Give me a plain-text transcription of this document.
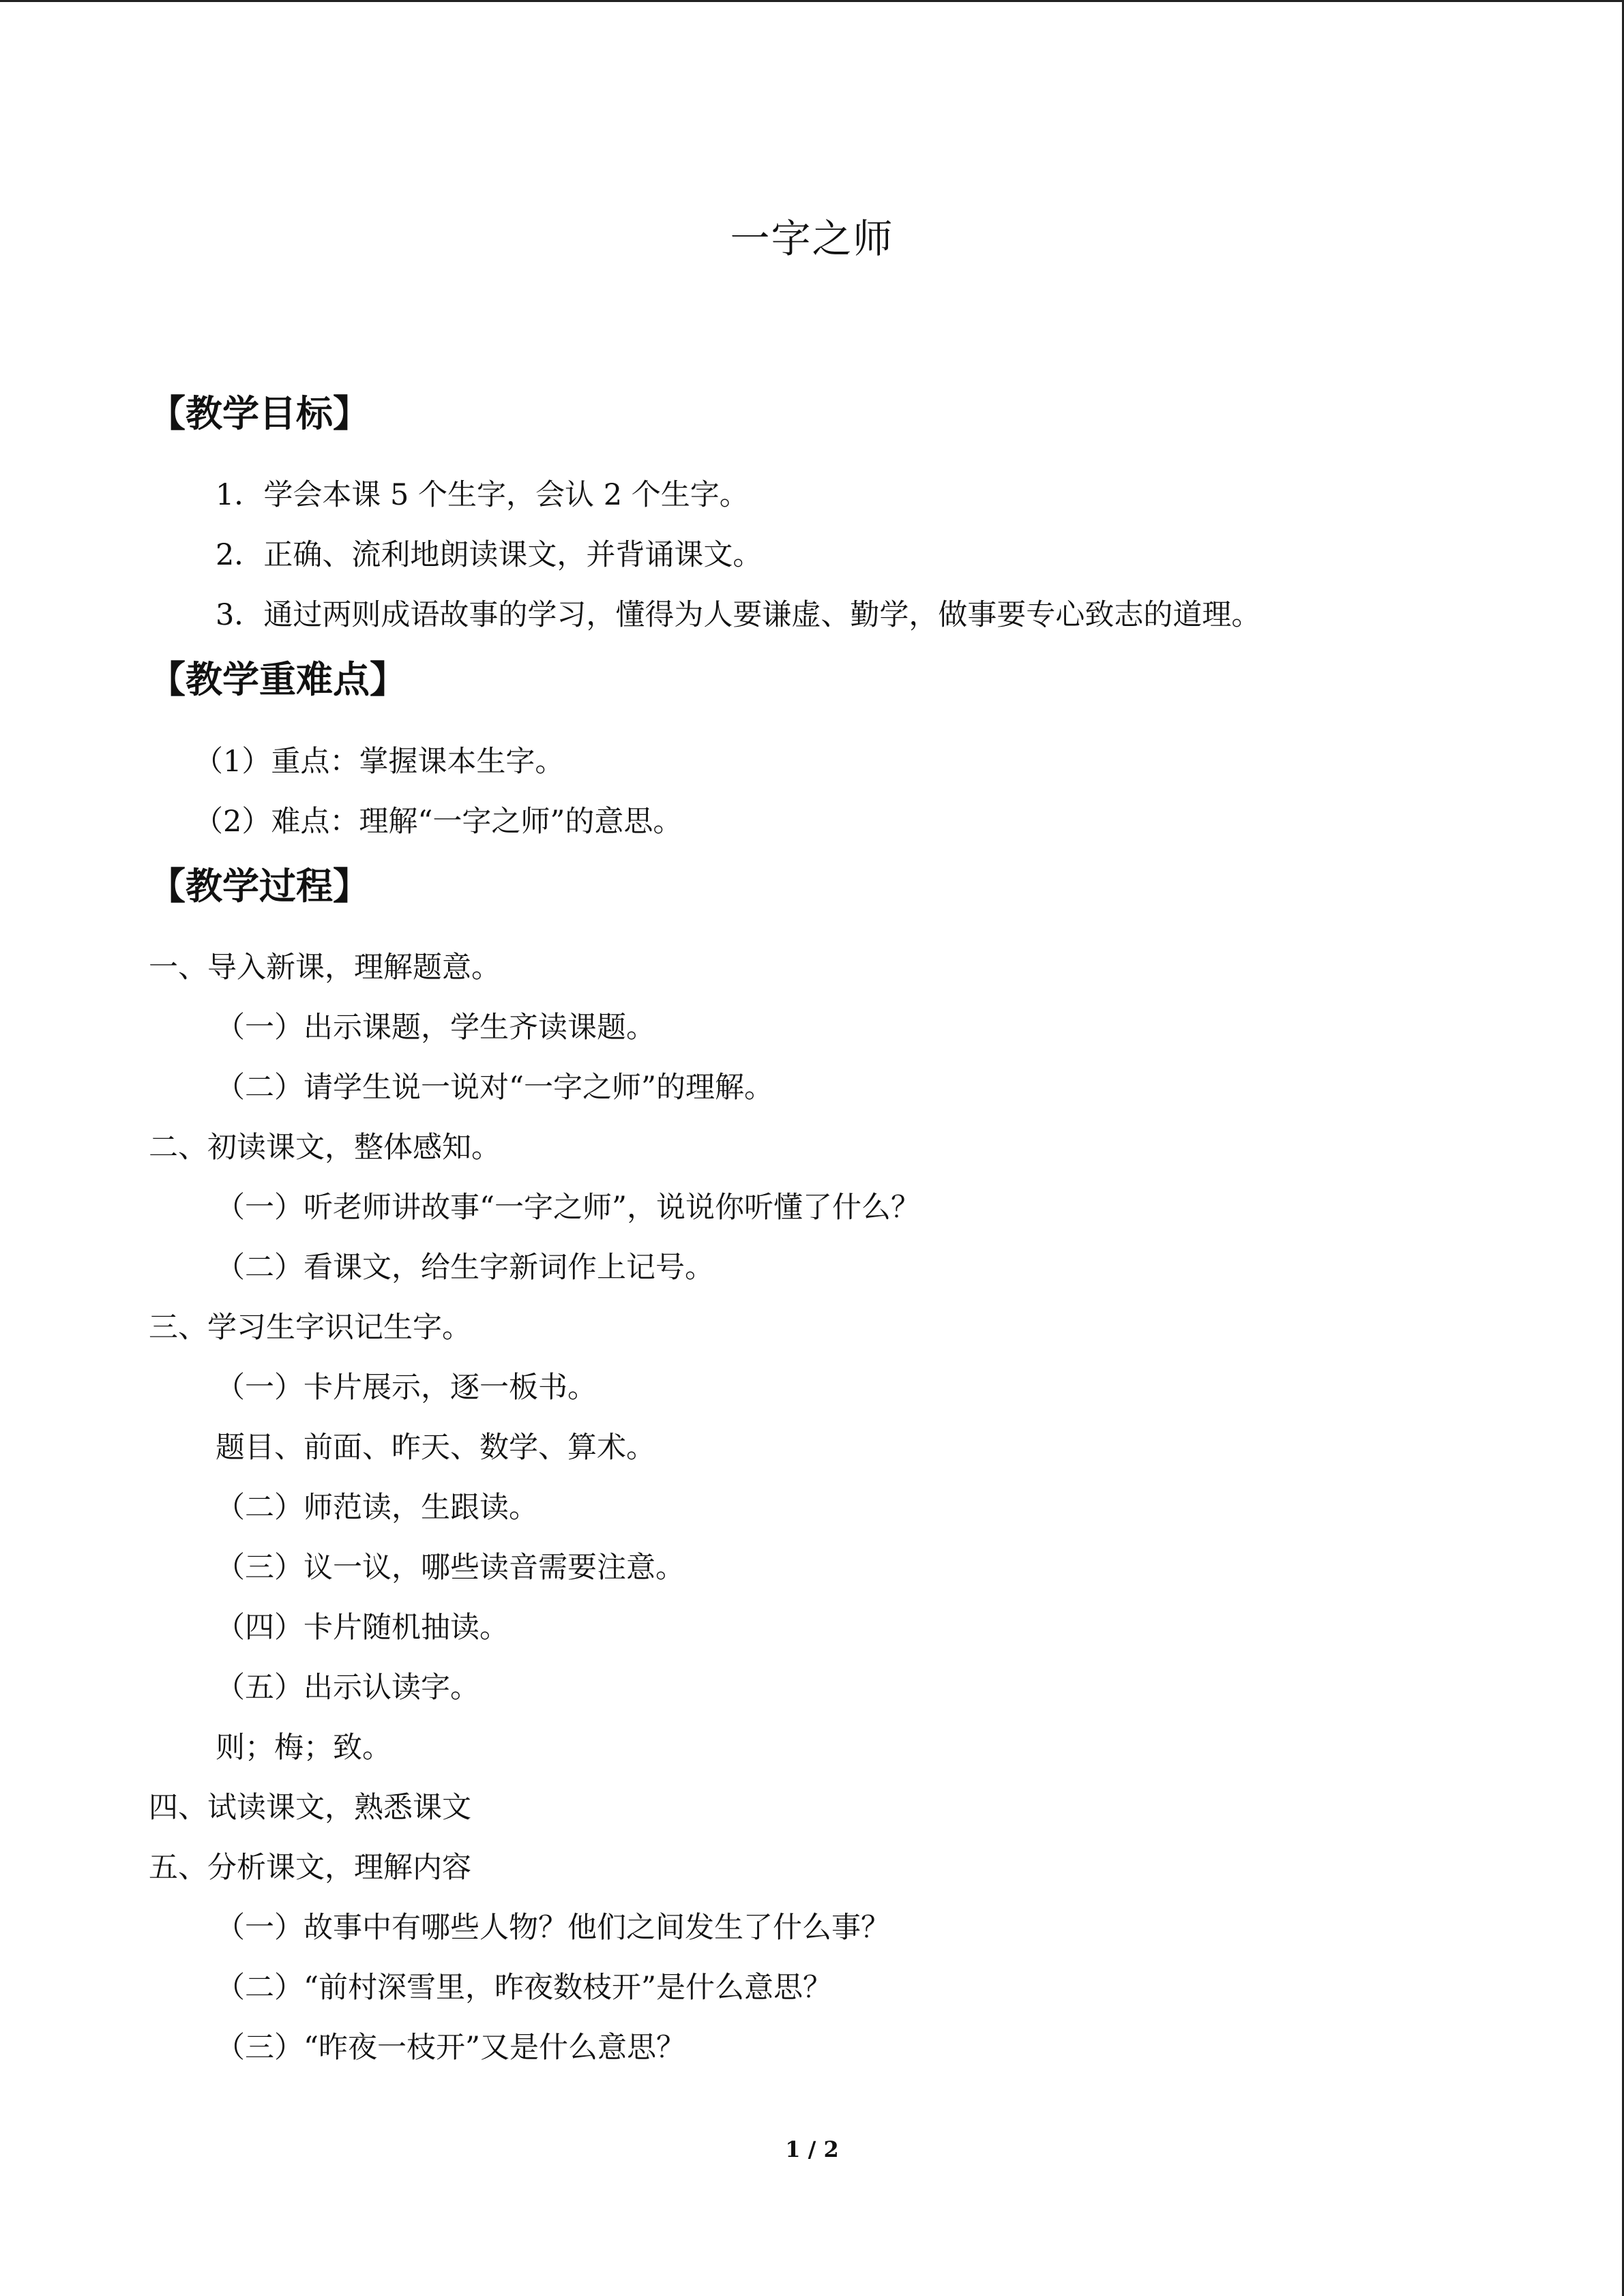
一字之师
【教学目标】
1．学会本课 5 个生字，会认 2 个生字。
2．正确、流利地朗读课文，并背诵课文。
3．通过两则成语故事的学习，懂得为人要谦虚、勤学，做事要专心致志的道理。
【教学重难点】
（1）重点：掌握课本生字。
（2）难点：理解“一字之师”的意思。
【教学过程】
一、导入新课，理解题意。
（一）出示课题，学生齐读课题。
（二）请学生说一说对“一字之师”的理解。
二、初读课文，整体感知。
（一）听老师讲故事“一字之师”，说说你听懂了什么？
（二）看课文，给生字新词作上记号。
三、学习生字识记生字。
（一）卡片展示，逐一板书。
题目、前面、昨天、数学、算术。
（二）师范读，生跟读。
（三）议一议，哪些读音需要注意。
（四）卡片随机抽读。
（五）出示认读字。
则；梅；致。
四、试读课文，熟悉课文
五、分析课文，理解内容
（一）故事中有哪些人物？他们之间发生了什么事？
（二）“前村深雪里，昨夜数枝开”是什么意思？
（三）“昨夜一枝开”又是什么意思？
1 / 2
